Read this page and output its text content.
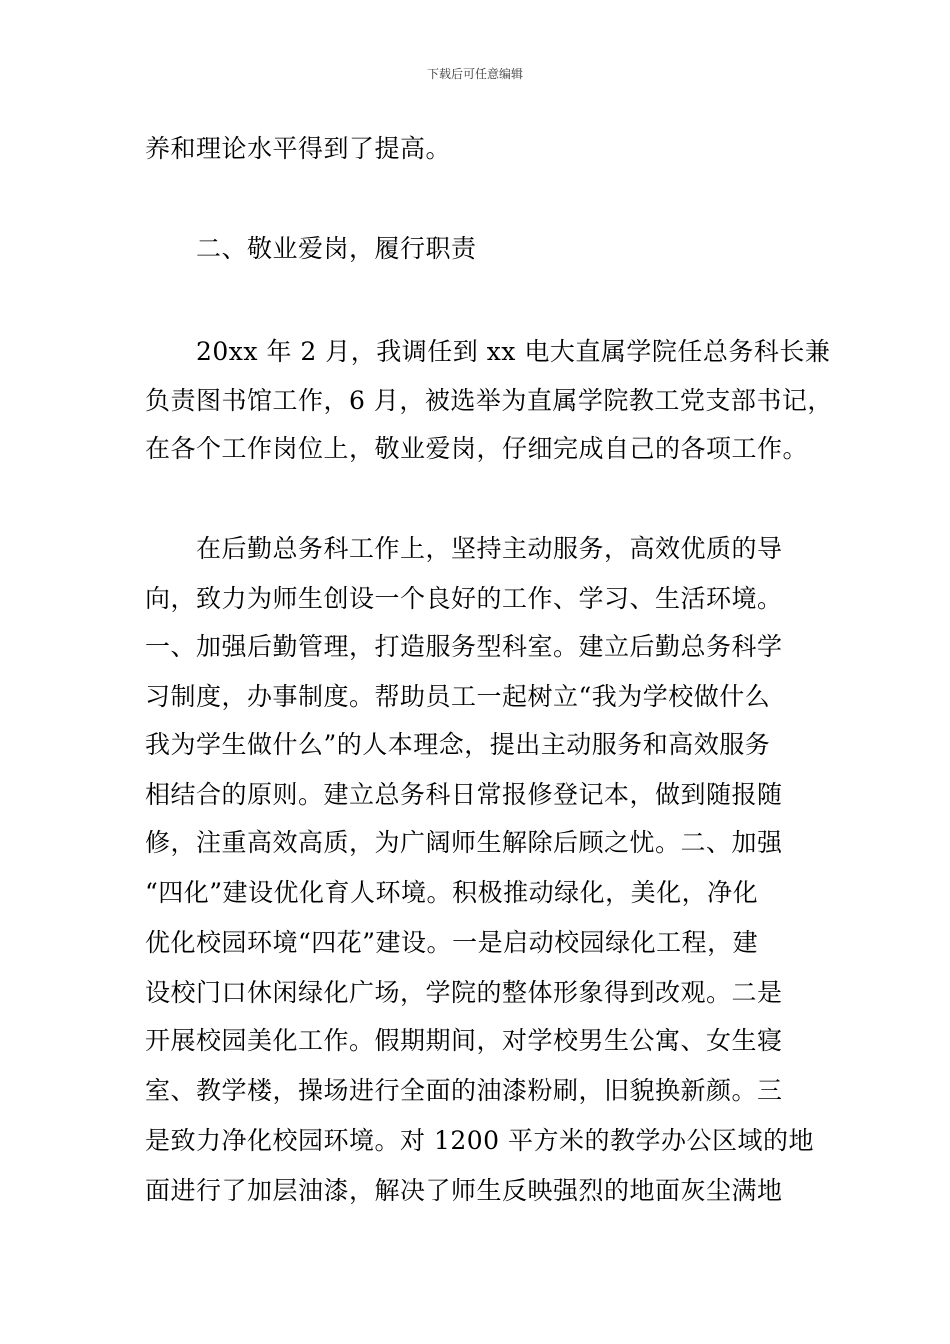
下载后可任意编辑
养和理论水平得到了提高。
二、敬业爱岗，履行职责
20xx 年 2 月，我调任到 xx 电大直属学院任总务科长兼
负责图书馆工作，6 月，被选举为直属学院教工党支部书记，
在各个工作岗位上，敬业爱岗，仔细完成自己的各项工作。
在后勤总务科工作上，坚持主动服务，高效优质的导
向，致力为师生创设一个良好的工作、学习、生活环境。
一、加强后勤管理，打造服务型科室。建立后勤总务科学
习制度，办事制度。帮助员工一起树立“我为学校做什么
我为学生做什么”的人本理念，提出主动服务和高效服务
相结合的原则。建立总务科日常报修登记本，做到随报随
修，注重高效高质，为广阔师生解除后顾之忧。二、加强
“四化”建设优化育人环境。积极推动绿化，美化，净化
优化校园环境“四花”建设。一是启动校园绿化工程，建
设校门口休闲绿化广场，学院的整体形象得到改观。二是
开展校园美化工作。假期期间，对学校男生公寓、女生寝
室、教学楼，操场进行全面的油漆粉刷，旧貌换新颜。三
是致力净化校园环境。对 1200 平方米的教学办公区域的地
面进行了加层油漆，解决了师生反映强烈的地面灰尘满地
